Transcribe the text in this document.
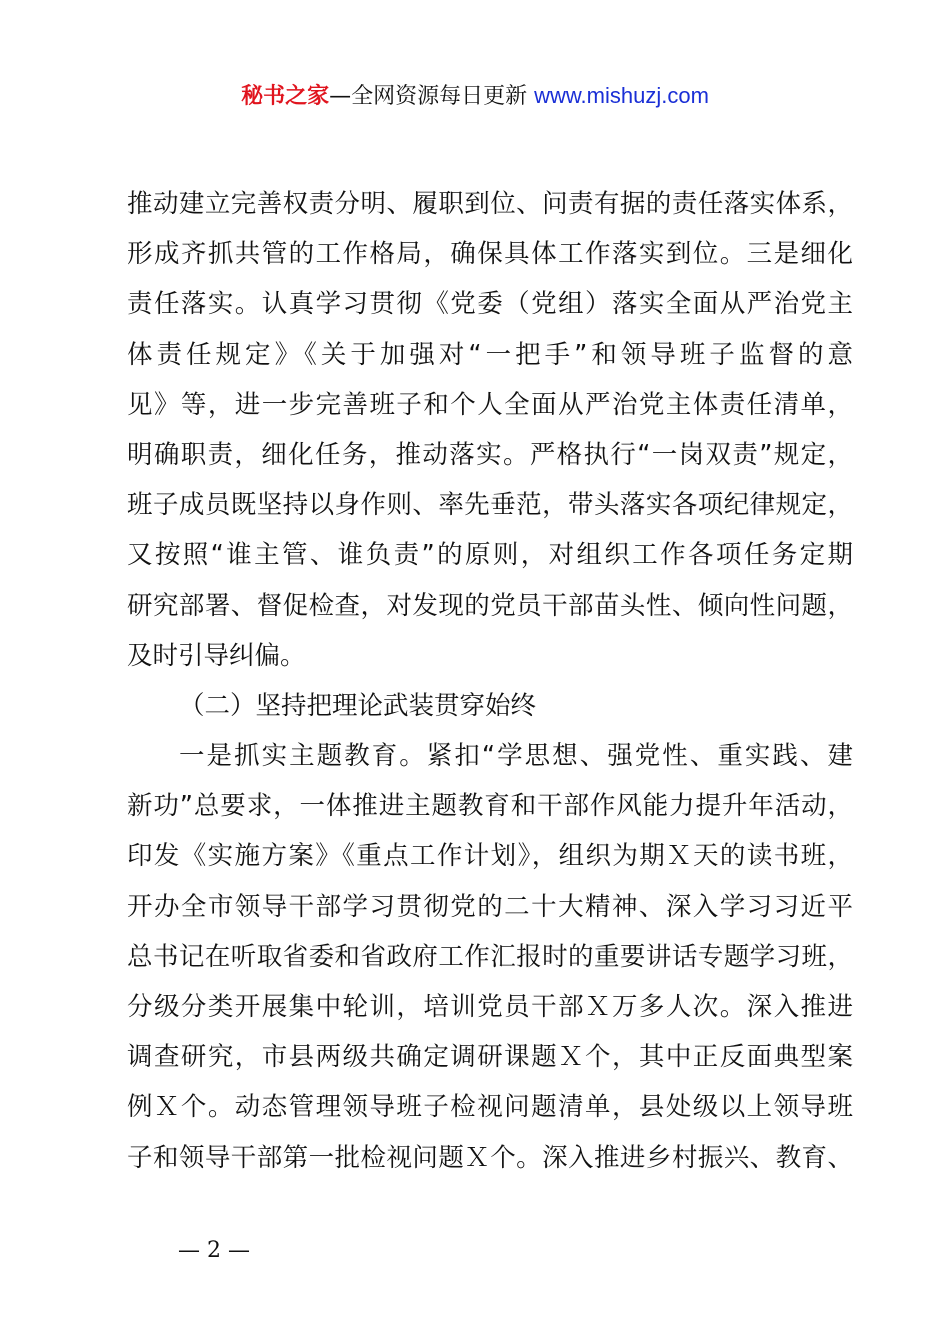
秘书之家—全网资源每日更新 www.mishuzj.com
推动建立完善权责分明、履职到位、问责有据的责任落实体系，
形成齐抓共管的工作格局，确保具体工作落实到位。三是细化
责任落实。认真学习贯彻《党委（党组）落实全面从严治党主
体责任规定》《关于加强对“一把手”和领导班子监督的意
见》等，进一步完善班子和个人全面从严治党主体责任清单，
明确职责，细化任务，推动落实。严格执行“一岗双责”规定，
班子成员既坚持以身作则、率先垂范，带头落实各项纪律规定，
又按照“谁主管、谁负责”的原则，对组织工作各项任务定期
研究部署、督促检查，对发现的党员干部苗头性、倾向性问题，
及时引导纠偏。
（二）坚持把理论武装贯穿始终
一是抓实主题教育。紧扣“学思想、强党性、重实践、建
新功”总要求，一体推进主题教育和干部作风能力提升年活动，
印发《实施方案》《重点工作计划》，组织为期Ｘ天的读书班，
开办全市领导干部学习贯彻党的二十大精神、深入学习习近平
总书记在听取省委和省政府工作汇报时的重要讲话专题学习班，
分级分类开展集中轮训，培训党员干部Ｘ万多人次。深入推进
调查研究，市县两级共确定调研课题Ｘ个，其中正反面典型案
例Ｘ个。动态管理领导班子检视问题清单，县处级以上领导班
子和领导干部第一批检视问题Ｘ个。深入推进乡村振兴、教育、
— 2 —
